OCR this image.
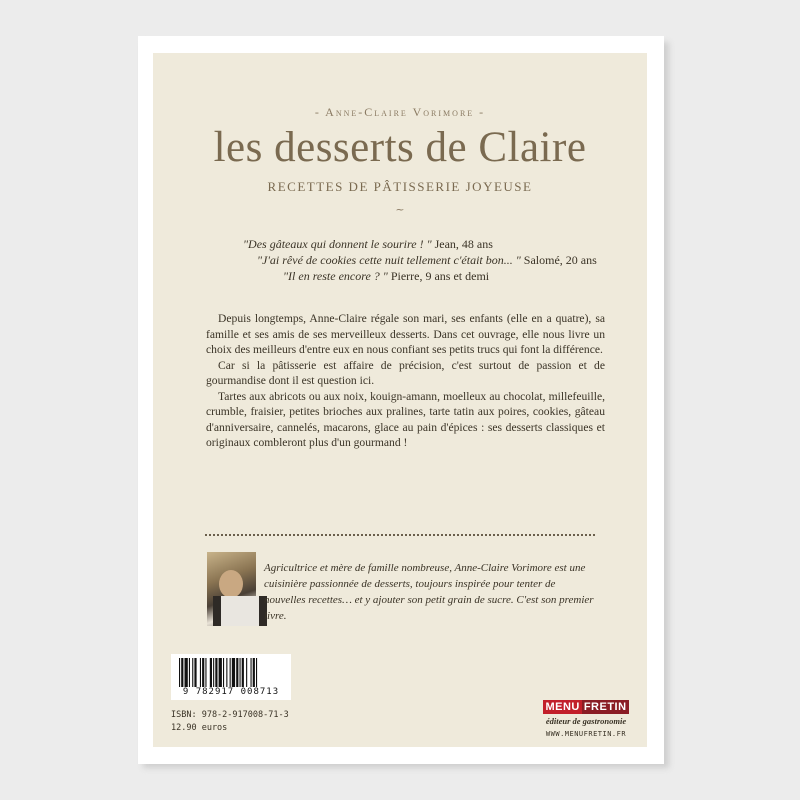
- Anne-Claire Vorimore -
les desserts de Claire
RECETTES DE PÂTISSERIE JOYEUSE
~
"Des gâteaux qui donnent le sourire ! " Jean, 48 ans
"J'ai rêvé de cookies cette nuit tellement c'était bon... " Salomé, 20 ans
"Il en reste encore ? " Pierre, 9 ans et demi

Depuis longtemps, Anne-Claire régale son mari, ses enfants (elle en a quatre), sa famille et ses amis de ses merveilleux desserts. Dans cet ouvrage, elle nous livre un choix des meilleurs d'entre eux en nous confiant ses petits trucs qui font la différence.

Car si la pâtisserie est affaire de précision, c'est surtout de passion et de gourmandise dont il est question ici.

Tartes aux abricots ou aux noix, kouign-amann, moelleux au chocolat, millefeuille, crumble, fraisier, petites brioches aux pralines, tarte tatin aux poires, cookies, gâteau d'anniversaire, cannelés, macarons, glace au pain d'épices : ses desserts classiques et originaux combleront plus d'un gourmand !

Agricultrice et mère de famille nombreuse, Anne-Claire Vorimore est une cuisinière passionnée de desserts, toujours inspirée pour tenter de nouvelles recettes… et y ajouter son petit grain de sucre. C'est son premier livre.
9 782917 008713
ISBN: 978-2-917008-71-3
12.90 euros
MENU FRETIN
éditeur de gastronomie
WWW.MENUFRETIN.FR
